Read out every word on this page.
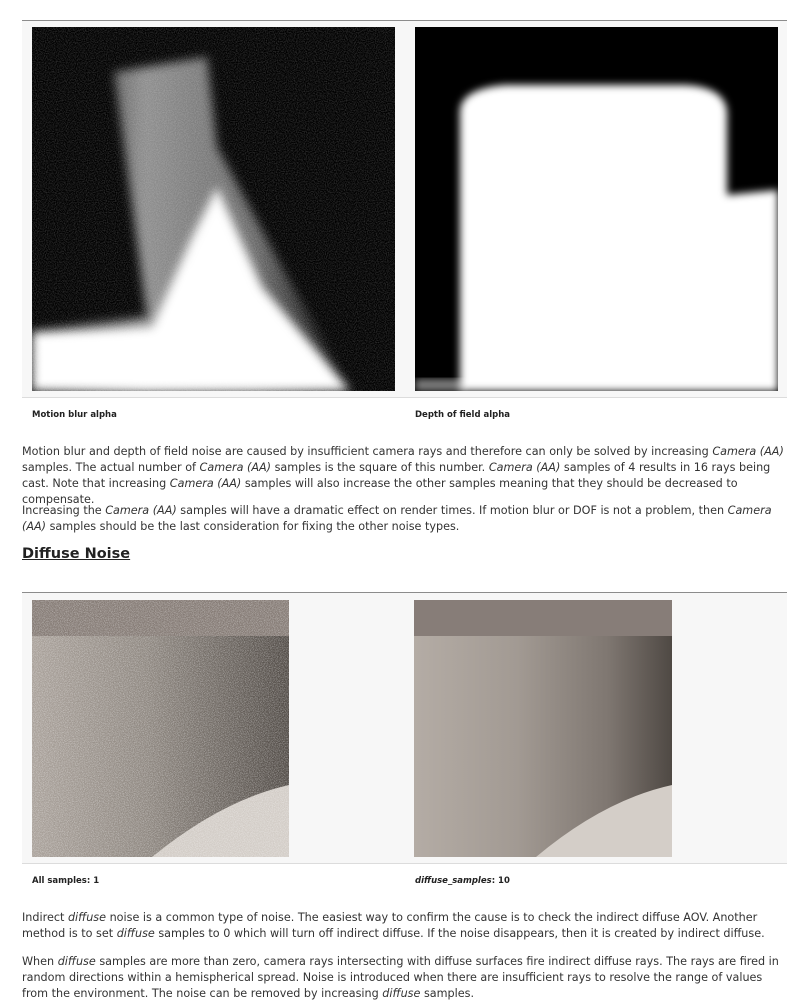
Motion blur alpha	Depth of field alpha

Motion blur and depth of field noise are caused by insufficient camera rays and therefore can only be solved by increasing Camera (AA) samples. The actual number of Camera (AA) samples is the square of this number. Camera (AA) samples of 4 results in 16 rays being cast. Note that increasing Camera (AA) samples will also increase the other samples meaning that they should be decreased to compensate.

Increasing the Camera (AA) samples will have a dramatic effect on render times. If motion blur or DOF is not a problem, then Camera (AA) samples should be the last consideration for fixing the other noise types.

Diffuse Noise
All samples: 1	diffuse_samples: 10

Indirect diffuse noise is a common type of noise. The easiest way to confirm the cause is to check the indirect diffuse AOV. Another method is to set diffuse samples to 0 which will turn off indirect diffuse. If the noise disappears, then it is created by indirect diffuse.

When diffuse samples are more than zero, camera rays intersecting with diffuse surfaces fire indirect diffuse rays. The rays are fired in random directions within a hemispherical spread. Noise is introduced when there are insufficient rays to resolve the range of values from the environment. The noise can be removed by increasing diffuse samples.
